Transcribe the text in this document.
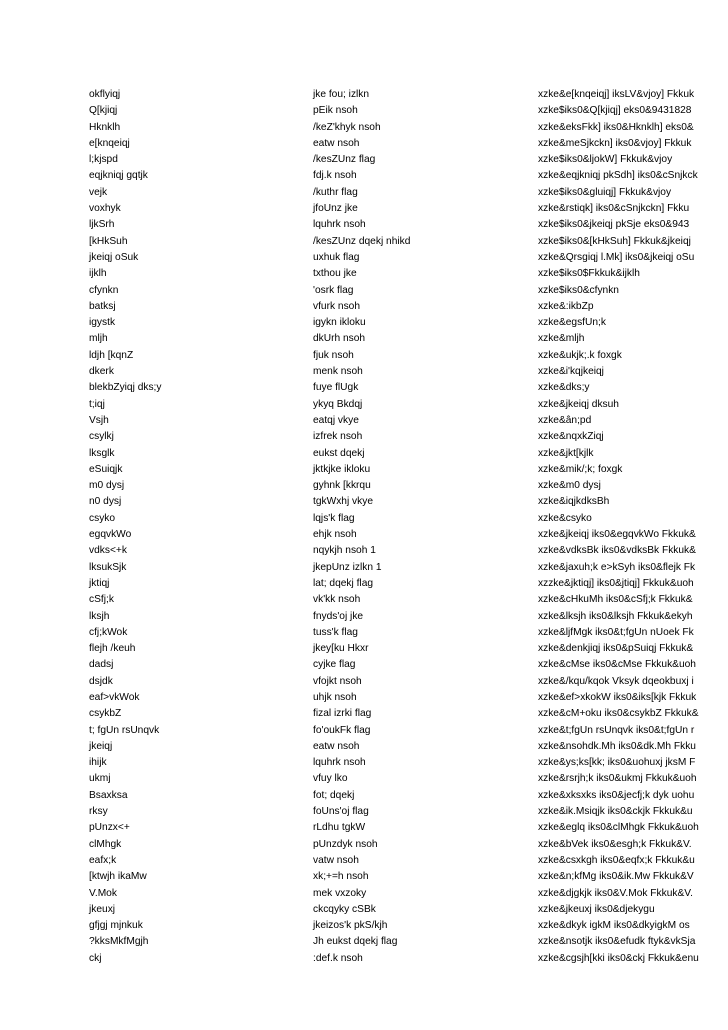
okflyiqj	jke fou; izlkn	xzke&e[knqeiqj] iksLV&vjoy] Fkkuk
Q[kjiqj	pEik nsoh	xzke$iks0&Q[kjiqj] eks0&9431828
Hknklh	/keZ'khyk nsoh	xzke&eksFkk] iks0&Hknklh] eks0&
e[knqeiqj	eatw nsoh	xzke&meSjkckn] iks0&vjoy] Fkkuk
l;kjspd	/kesZUnz flag	xzke$iks0&ljokW] Fkkuk&vjoy
eqjkniqj gqtjk	fdj.k nsoh	xzke&eqjkniqj pkSdh] iks0&cSnjkck
vejk	/kuthr flag	xzke$iks0&gluiqj] Fkkuk&vjoy
voxhyk	jfoUnz jke	xzke&rstiqk] iks0&cSnjkckn] Fkku
ljkSrh	lquhrk nsoh	xzke$iks0&jkeiqj pkSje eks0&943
[kHkSuh	/kesZUnz dqekj nhikd	xzke$iks0&[kHkSuh] Fkkuk&jkeiqj
jkeiqj oSuk	uxhuk flag	xzke&Qrsgiqj l.Mk] iks0&jkeiqj oSu
ijklh	txthou jke	xzke$iks0$Fkkuk&ijklh
cfynkn	'osrk flag	xzke$iks0&cfynkn
batksj	vfurk nsoh	xzke&:ikbZp
igystk	igykn ikloku	xzke&egsfUn;k
mljh	dkUrh nsoh	xzke&mljh
ldjh [kqnZ	fjuk nsoh	xzke&ukjk;.k foxgk
dkerk	menk nsoh	xzke&i'kqjkeiqj
blekbZyiqj dks;y	fuye flUgk	xzke&dks;y
t;iqj	ykyq Bkdqj	xzke&jkeiqj dksuh
Vsjh	eatqj vkye	xzke&ân;pd
csylkj	izfrek nsoh	xzke&nqxkZiqj
lksglk	eukst dqekj	xzke&jkt[kjlk
eSuiqjk	jktkjke ikloku	xzke&mik/;k; foxgk
m0 dysj	gyhnk [kkrqu	xzke&m0 dysj
n0 dysj	tgkWxhj vkye	xzke&iqjkdksBh
csyko	lqjs'k flag	xzke&csyko
egqvkWo	ehjk nsoh	xzke&jkeiqj iks0&egqvkWo Fkkuk&
vdks<+k	nqykjh nsoh 1	xzke&vdksBk iks0&vdksBk Fkkuk&
lksukSjk	jkepUnz izlkn 1	xzke&jaxuh;k e>kSyh iks0&flejk Fk
jktiqj	lat; dqekj flag	xzzke&jktiqj] iks0&jtiqj] Fkkuk&uoh
cSfj;k	vk'kk nsoh	xzke&cHkuMh iks0&cSfj;k Fkkuk&
lksjh	fnyds'oj jke	xzke&lksjh iks0&lksjh Fkkuk&ekyh
cfj;kWok	tuss'k flag	xzke&ljfMgk iks0&t;fgUn nUoek Fk
flejh /keuh	jkey[ku Hkxr	xzke&denkjiqj iks0&pSuiqj Fkkuk&
dadsj	cyjke flag	xzke&cMse iks0&cMse Fkkuk&uoh
dsjdk	vfojkt nsoh	xzke&/kqu/kqok Vksyk dqeokbuxj i
eaf>vkWok	uhjk nsoh	xzke&ef>xkokW iks0&iks[kjk Fkkuk
csykbZ	fizal izrki flag	xzke&cM+oku iks0&csykbZ Fkkuk&
t; fgUn rsUnqvk	fo'oukFk flag	xzke&t;fgUn rsUnqvk iks0&t;fgUn r
jkeiqj	eatw nsoh	xzke&nsohdk.Mh iks0&dk.Mh Fkku
ihijk	lquhrk nsoh	xzke&ys;ks[kk; iks0&uohuxj jksM F
ukmj	vfuy lko	xzke&rsrjh;k iks0&ukmj Fkkuk&uoh
Bsaxksa	fot; dqekj	xzke&xksxks iks0&jecfj;k dyk uohu
rksy	foUns'oj flag	xzke&ik.Msiqjk iks0&ckjk Fkkuk&u
pUnzx<+	rLdhu tgkW	xzke&eglq iks0&clMhgk Fkkuk&uoh
clMhgk	pUnzdyk nsoh	xzke&bVek iks0&esgh;k Fkkuk&V.
eafx;k	vatw nsoh	xzke&csxkgh iks0&eqfx;k Fkkuk&u
[ktwjh ikaMw	xk;+=h nsoh	xzke&n;kfMg iks0&ik.Mw Fkkuk&V
V.Mok	mek vxzoky	xzke&djgkjk iks0&V.Mok Fkkuk&V.
jkeuxj	ckcqyky cSBk	xzke&jkeuxj iks0&djekygu
gfjgj mjnkuk	jkeizos'k pkS/kjh	xzke&dkyk igkM iks0&dkyigkM os
?kksMkfMgjh	Jh eukst dqekj flag	xzke&nsotjk iks0&efudk ftyk&vkSja
ckj	:def.k nsoh	xzke&cgsjh[kki iks0&ckj Fkkuk&enu
